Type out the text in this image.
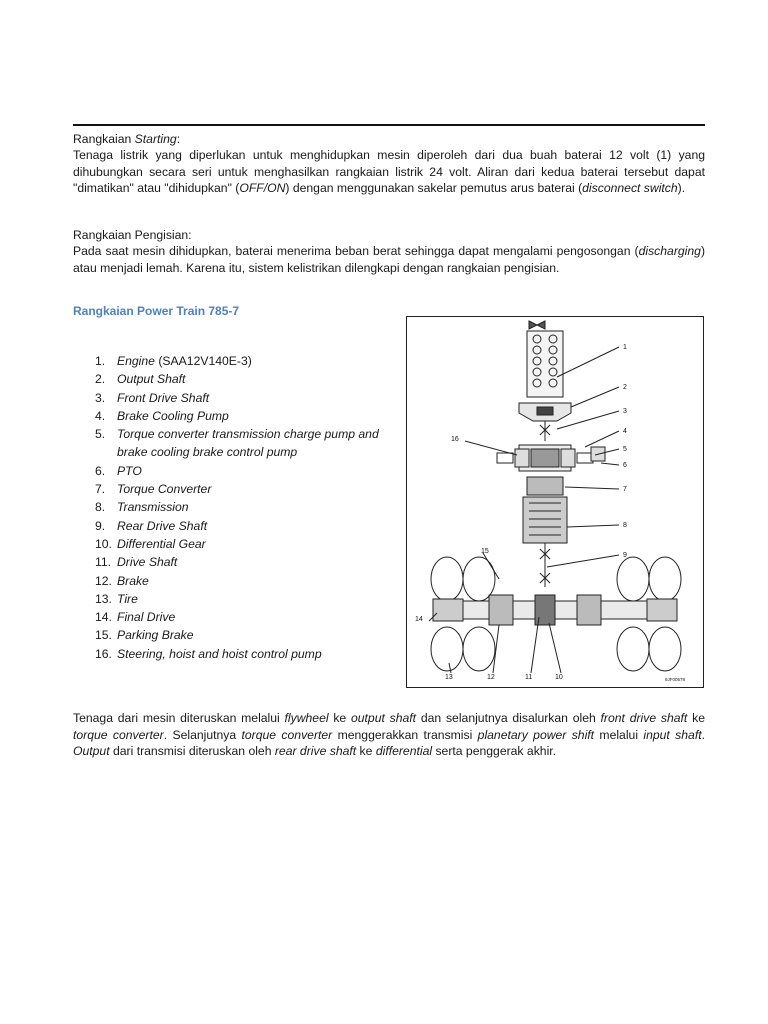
Rangkaian Starting:
Tenaga listrik yang diperlukan untuk menghidupkan mesin diperoleh dari dua buah baterai 12 volt (1) yang dihubungkan secara seri untuk menghasilkan rangkaian listrik 24 volt. Aliran dari kedua baterai tersebut dapat "dimatikan" atau "dihidupkan" (OFF/ON) dengan menggunakan sakelar pemutus arus baterai (disconnect switch).
Rangkaian Pengisian:
Pada saat mesin dihidupkan, baterai menerima beban berat sehingga dapat mengalami pengosongan (discharging) atau menjadi lemah. Karena itu, sistem kelistrikan dilengkapi dengan rangkaian pengisian.
Rangkaian Power Train 785-7
1. Engine (SAA12V140E-3)
2. Output Shaft
3. Front Drive Shaft
4. Brake Cooling Pump
5. Torque converter transmission charge pump and
brake cooling brake control pump
6. PTO
7. Torque Converter
8. Transmission
9. Rear Drive Shaft
10. Differential Gear
11. Drive Shaft
12. Brake
13. Tire
14. Final Drive
15. Parking Brake
16. Steering, hoist and hoist control pump
1
2
3
4
5
6
7
8
9
15
16
14
13	12	11	10	9JF00578
Tenaga dari mesin diteruskan melalui flywheel ke output shaft dan selanjutnya disalurkan oleh front drive shaft ke torque converter. Selanjutnya torque converter menggerakkan transmisi planetary power shift melalui input shaft. Output dari transmisi diteruskan oleh rear drive shaft ke differential serta penggerak akhir.
